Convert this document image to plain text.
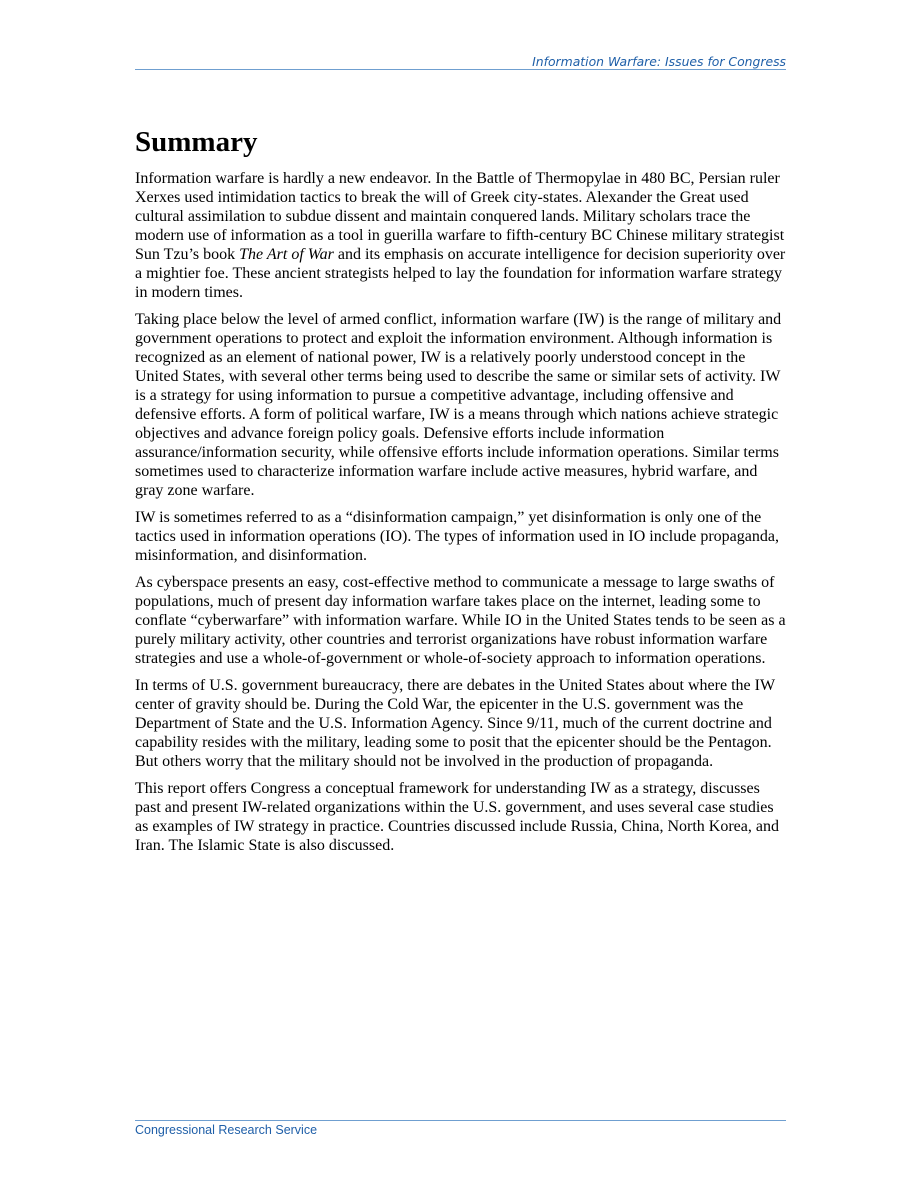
Information Warfare: Issues for Congress
Summary

Information warfare is hardly a new endeavor. In the Battle of Thermopylae in 480 BC, Persian ruler Xerxes used intimidation tactics to break the will of Greek city-states. Alexander the Great used cultural assimilation to subdue dissent and maintain conquered lands. Military scholars trace the modern use of information as a tool in guerilla warfare to fifth-century BC Chinese military strategist Sun Tzu’s book The Art of War and its emphasis on accurate intelligence for decision superiority over a mightier foe. These ancient strategists helped to lay the foundation for information warfare strategy in modern times.

Taking place below the level of armed conflict, information warfare (IW) is the range of military and government operations to protect and exploit the information environment. Although information is recognized as an element of national power, IW is a relatively poorly understood concept in the United States, with several other terms being used to describe the same or similar sets of activity. IW is a strategy for using information to pursue a competitive advantage, including offensive and defensive efforts. A form of political warfare, IW is a means through which nations achieve strategic objectives and advance foreign policy goals. Defensive efforts include information assurance/information security, while offensive efforts include information operations. Similar terms sometimes used to characterize information warfare include active measures, hybrid warfare, and gray zone warfare.

IW is sometimes referred to as a “disinformation campaign,” yet disinformation is only one of the tactics used in information operations (IO). The types of information used in IO include propaganda, misinformation, and disinformation.

As cyberspace presents an easy, cost-effective method to communicate a message to large swaths of populations, much of present day information warfare takes place on the internet, leading some to conflate “cyberwarfare” with information warfare. While IO in the United States tends to be seen as a purely military activity, other countries and terrorist organizations have robust information warfare strategies and use a whole-of-government or whole-of-society approach to information operations.

In terms of U.S. government bureaucracy, there are debates in the United States about where the IW center of gravity should be. During the Cold War, the epicenter in the U.S. government was the Department of State and the U.S. Information Agency. Since 9/11, much of the current doctrine and capability resides with the military, leading some to posit that the epicenter should be the Pentagon. But others worry that the military should not be involved in the production of propaganda.

This report offers Congress a conceptual framework for understanding IW as a strategy, discusses past and present IW-related organizations within the U.S. government, and uses several case studies as examples of IW strategy in practice. Countries discussed include Russia, China, North Korea, and Iran. The Islamic State is also discussed.

Congressional Research Service
